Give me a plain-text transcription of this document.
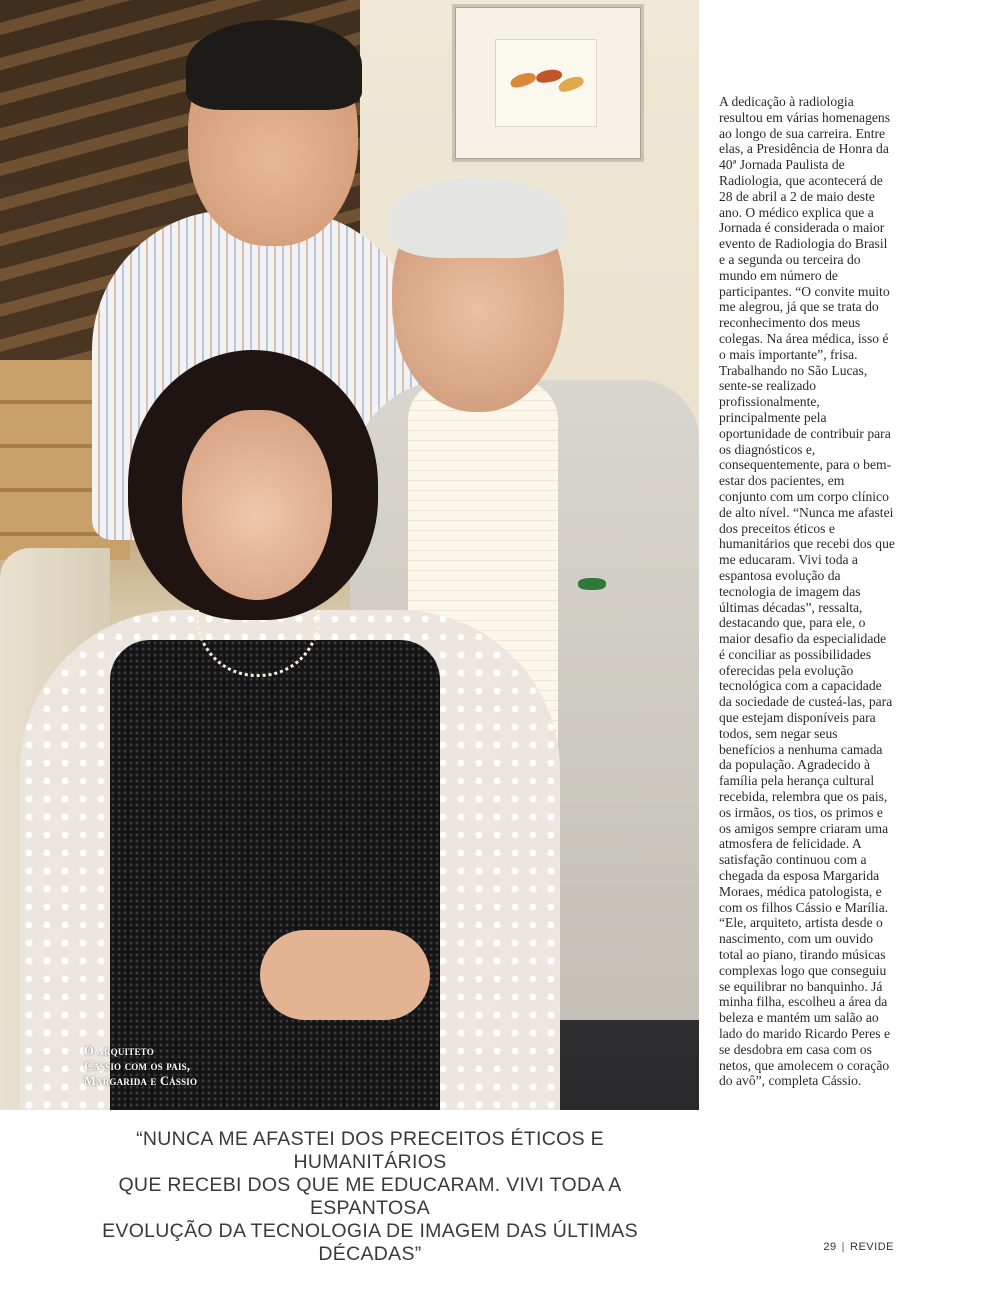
O arquiteto
Cássio com os pais,
Margarida e Cássio

A dedicação à radiologia resultou em várias homenagens ao longo de sua carreira. Entre elas, a Presidência de Honra da 40ª Jornada Paulista de Radiologia, que acontecerá de 28 de abril a 2 de maio deste ano. O médico explica que a Jornada é considerada o maior evento de Radiologia do Brasil e a segunda ou terceira do mundo em número de participantes. “O convite muito me alegrou, já que se trata do reconhecimento dos meus colegas. Na área médica, isso é o mais importante”, frisa. Trabalhando no São Lucas, sente-se realizado profissionalmente, principalmente pela oportunidade de contribuir para os diagnósticos e, consequentemente, para o bem-estar dos pacientes, em conjunto com um corpo clínico de alto nível. “Nunca me afastei dos preceitos éticos e humanitários que recebi dos que me educaram. Vivi toda a espantosa evolução da tecnologia de imagem das últimas décadas”, ressalta, destacando que, para ele, o maior desafio da especialidade é conciliar as possibilidades oferecidas pela evolução tecnológica com a capacidade da sociedade de custeá-las, para que estejam disponíveis para todos, sem negar seus benefícios a nenhuma camada da população. Agradecido à família pela herança cultural recebida, relembra que os pais, os irmãos, os tios, os primos e os amigos sempre criaram uma atmosfera de felicidade. A satisfação continuou com a chegada da esposa Margarida Moraes, médica patologista, e com os filhos Cássio e Marília. “Ele, arquiteto, artista desde o nascimento, com um ouvido total ao piano, tirando músicas complexas logo que conseguiu se equilibrar no banquinho. Já minha filha, escolheu a área da beleza e mantém um salão ao lado do marido Ricardo Peres e se desdobra em casa com os netos, que amolecem o coração do avô”, completa Cássio.

“NUNCA ME AFASTEI DOS PRECEITOS ÉTICOS E HUMANITÁRIOS
QUE RECEBI DOS QUE ME EDUCARAM. VIVI TODA A ESPANTOSA
EVOLUÇÃO DA TECNOLOGIA DE IMAGEM DAS ÚLTIMAS DÉCADAS”	29 | REVIDE
